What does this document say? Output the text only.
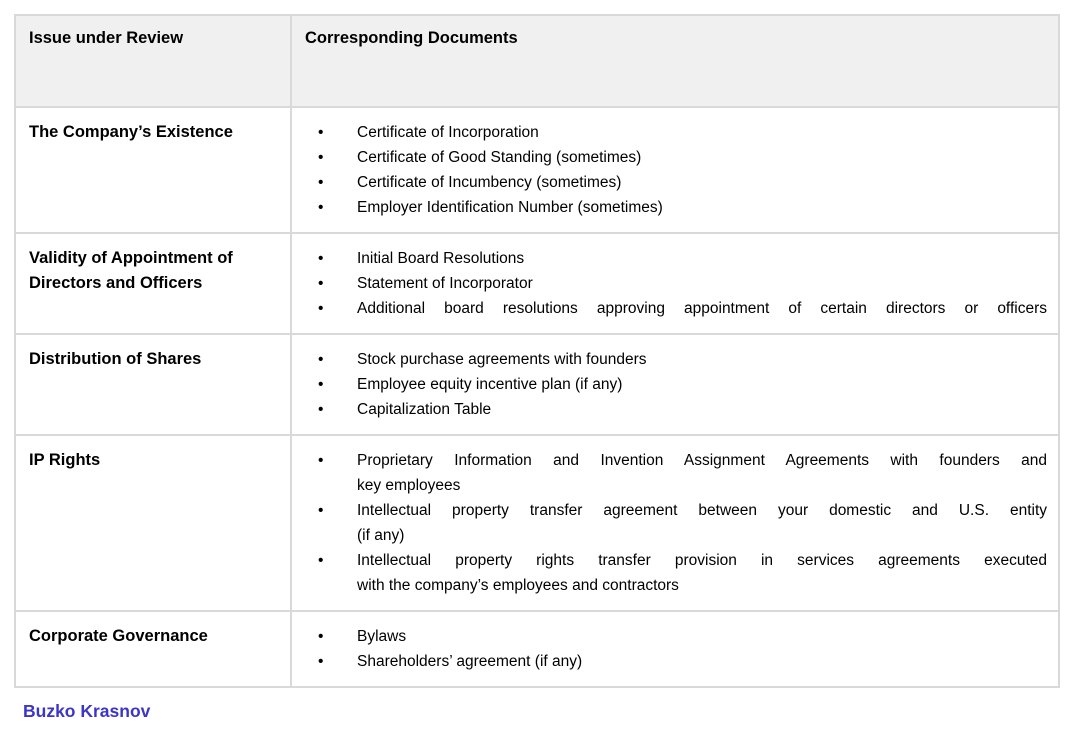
Issue under Review	Corresponding Documents
The Company’s Existence	• Certificate of Incorporation
• Certificate of Good Standing (sometimes)
• Certificate of Incumbency (sometimes)
• Employer Identification Number (sometimes)

Validity of Appointment of Directors and Officers	
• Initial Board Resolutions
• Statement of Incorporator
• Additional board resolutions approving appointment of certain directors or officers

Distribution of Shares	• Stock purchase agreements with founders
• Employee equity incentive plan (if any)
• Capitalization Table

IP Rights	• Proprietary Information and Invention Assignment Agreements with founders and
key employees
• Intellectual property transfer agreement between your domestic and U.S. entity
(if any)
• Intellectual property rights transfer provision in services agreements executed
with the company’s employees and contractors

Corporate Governance	• Bylaws
• Shareholders’ agreement (if any)
Buzko Krasnov
